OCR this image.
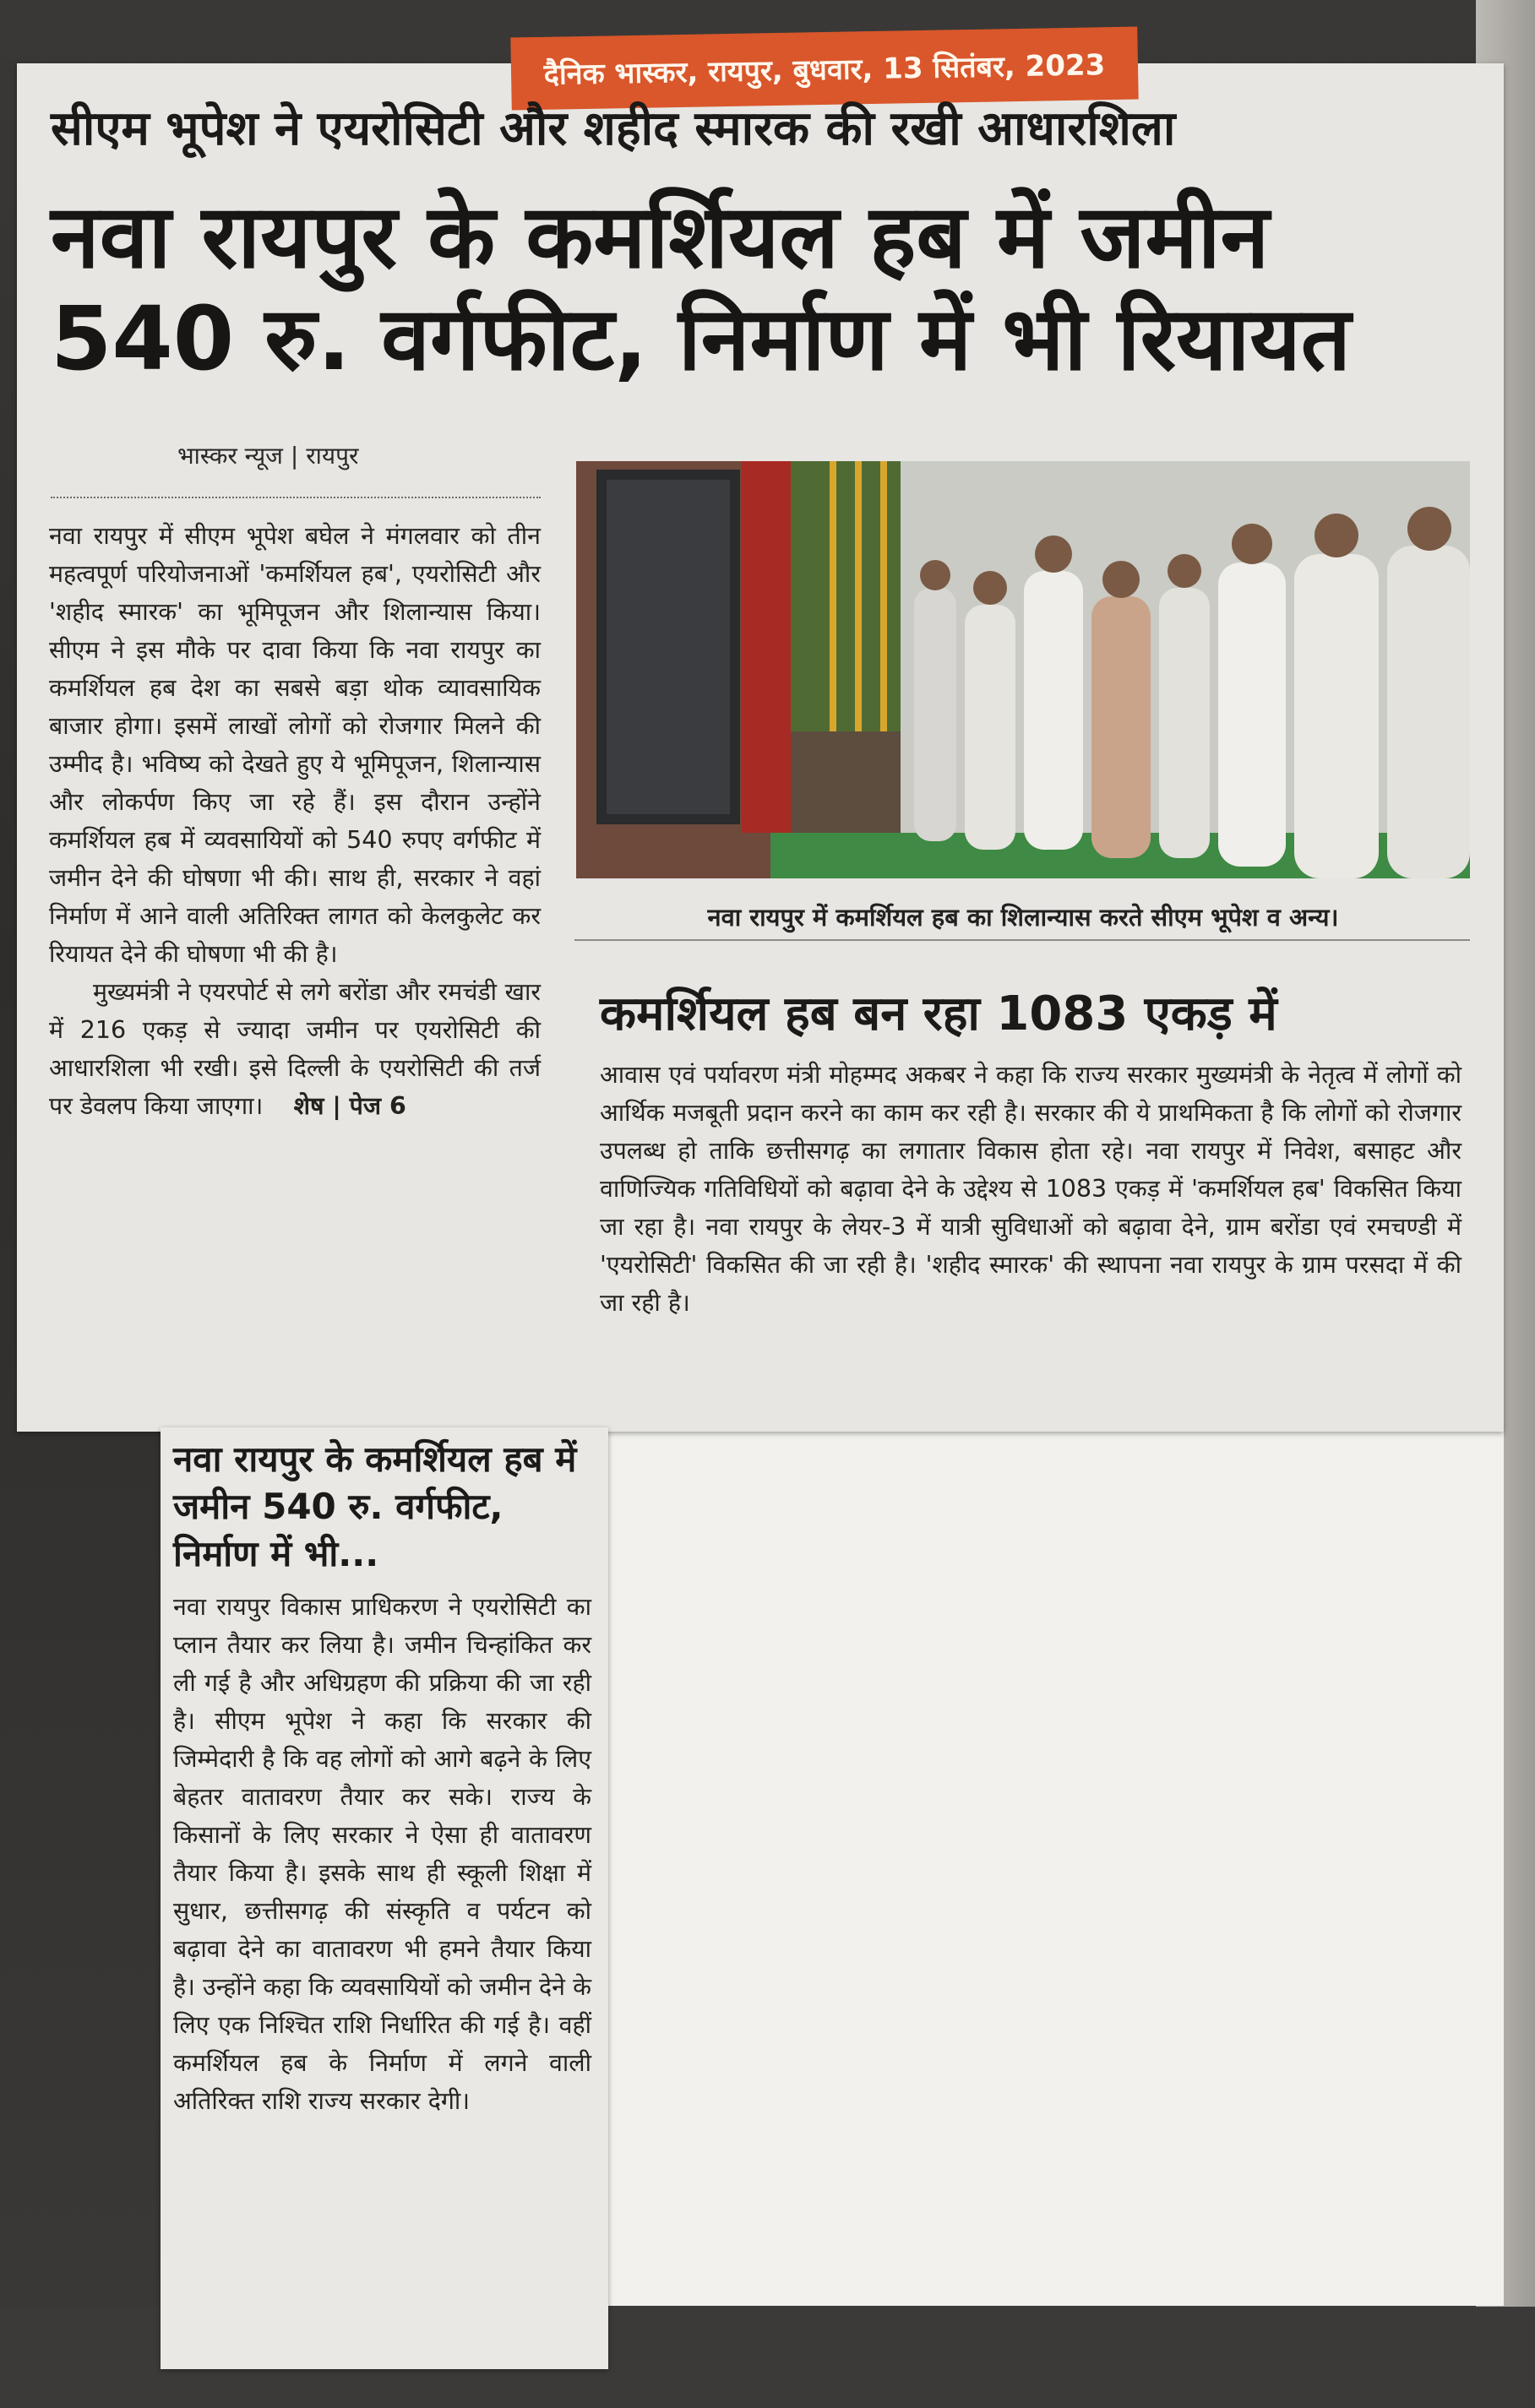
दैनिक भास्कर, रायपुर, बुधवार, 13 सितंबर, 2023
सीएम भूपेश ने एयरोसिटी और शहीद स्मारक की रखी आधारशिला
नवा रायपुर के कमर्शियल हब में जमीन
540 रु. वर्गफीट, निर्माण में भी रियायत
भास्कर न्यूज | रायपुर

नवा रायपुर में सीएम भूपेश बघेल ने मंगलवार को तीन महत्वपूर्ण परियोजनाओं 'कमर्शियल हब', एयरोसिटी और 'शहीद स्मारक' का भूमिपूजन और शिलान्यास किया। सीएम ने इस मौके पर दावा किया कि नवा रायपुर का कमर्शियल हब देश का सबसे बड़ा थोक व्यावसायिक बाजार होगा। इसमें लाखों लोगों को रोजगार मिलने की उम्मीद है। भविष्य को देखते हुए ये भूमिपूजन, शिलान्यास और लोकर्पण किए जा रहे हैं। इस दौरान उन्होंने कमर्शियल हब में व्यवसायियों को 540 रुपए वर्गफीट में जमीन देने की घोषणा भी की। साथ ही, सरकार ने वहां निर्माण में आने वाली अतिरिक्त लागत को केलकुलेट कर रियायत देने की घोषणा भी की है।

मुख्यमंत्री ने एयरपोर्ट से लगे बरोंडा और रमचंडी खार में 216 एकड़ से ज्यादा जमीन पर एयरोसिटी की आधारशिला भी रखी। इसे दिल्ली के एयरोसिटी की तर्ज पर डेवलप किया जाएगा। शेष | पेज 6

नवा रायपुर में कमर्शियल हब का शिलान्यास करते सीएम भूपेश व अन्य।
कमर्शियल हब बन रहा 1083 एकड़ में
आवास एवं पर्यावरण मंत्री मोहम्मद अकबर ने कहा कि राज्य सरकार मुख्यमंत्री के नेतृत्व में लोगों को आर्थिक मजबूती प्रदान करने का काम कर रही है। सरकार की ये प्राथमिकता है कि लोगों को रोजगार उपलब्ध हो ताकि छत्तीसगढ़ का लगातार विकास होता रहे। नवा रायपुर में निवेश, बसाहट और वाणिज्यिक गतिविधियों को बढ़ावा देने के उद्देश्य से 1083 एकड़ में 'कमर्शियल हब' विकसित किया जा रहा है। नवा रायपुर के लेयर-3 में यात्री सुविधाओं को बढ़ावा देने, ग्राम बरोंडा एवं रमचण्डी में 'एयरोसिटी' विकसित की जा रही है। 'शहीद स्मारक' की स्थापना नवा रायपुर के ग्राम परसदा में की जा रही है।
नवा रायपुर के कमर्शियल हब में जमीन 540 रु. वर्गफीट, निर्माण में भी...
नवा रायपुर विकास प्राधिकरण ने एयरोसिटी का प्लान तैयार कर लिया है। जमीन चिन्हांकित कर ली गई है और अधिग्रहण की प्रक्रिया की जा रही है। सीएम भूपेश ने कहा कि सरकार की जिम्मेदारी है कि वह लोगों को आगे बढ़ने के लिए बेहतर वातावरण तैयार कर सके। राज्य के किसानों के लिए सरकार ने ऐसा ही वातावरण तैयार किया है। इसके साथ ही स्कूली शिक्षा में सुधार, छत्तीसगढ़ की संस्कृति व पर्यटन को बढ़ावा देने का वातावरण भी हमने तैयार किया है। उन्होंने कहा कि व्यवसायियों को जमीन देने के लिए एक निश्चित राशि निर्धारित की गई है। वहीं कमर्शियल हब के निर्माण में लगने वाली अतिरिक्त राशि राज्य सरकार देगी।
